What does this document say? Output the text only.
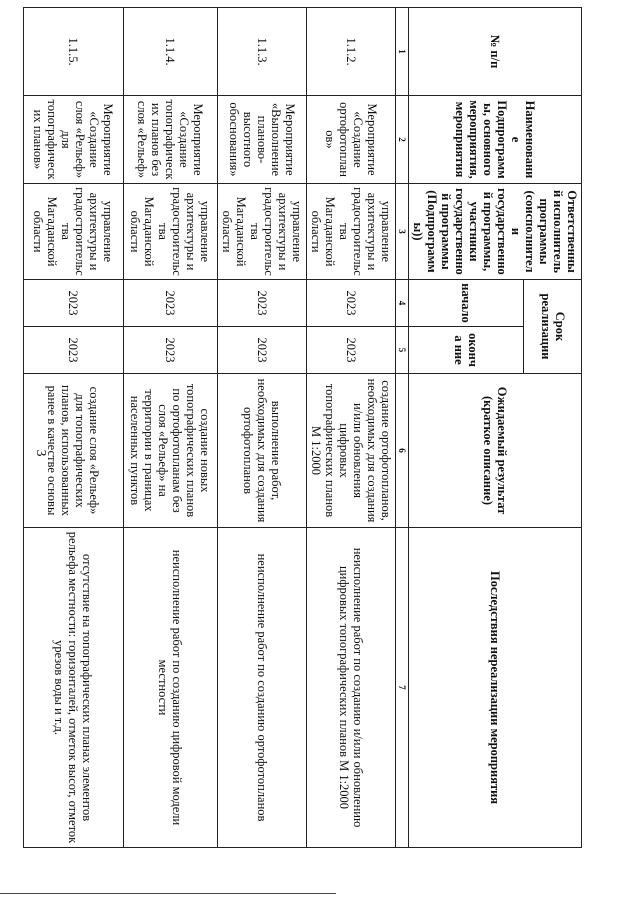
3
№ п/п	Наименование Подпрограммы, основного мероприятия, мероприятия	Ответственный исполнитель программы (соисполнители государственной программы, участники государственной программы (Подпрограммы))	Срок реализации		Ожидаемый результат (краткое описание)	Последствия нереализации мероприятия
			начало	оконча ние		
1	2	3	4	5	6	7
1.1.2.	Мероприятие «Создание ортофотопланов»	управление архитектуры и градостроительства Магаданской области	2023	2023	создание ортофотопланов, необходимых для создания и/или обновления цифровых топографических планов М 1:2000	неисполнение работ по созданию и/или обновлению цифровых топографических планов М 1:2000
1.1.3.	Мероприятие «Выполнение планово-высотного обоснования»	управление архитектуры и градостроительства Магаданской области	2023	2023	выполнение работ, необходимых для создания ортофотопланов	неисполнение работ по созданию ортофотопланов
1.1.4.	Мероприятие «Создание топографических планов без слоя «Рельеф»	управление архитектуры и градостроительства Магаданской области	2023	2023	создание новых топографических планов по ортофотопланам без слоя «Рельеф» на территории в границах населенных пунктов	неисполнение работ по созданию цифровой модели местности
1.1.5.	Мероприятие «Создание слоя «Рельеф» для топографических планов»	управление архитектуры и градостроительства Магаданской области	2023	2023	создание слоя «Рельеф» для топографических планов, использованных ранее в качестве основы	отсутствие на топографических планах элементов рельефа местности: горизонталей, отметок высот, отметок урезов воды и т.д.
